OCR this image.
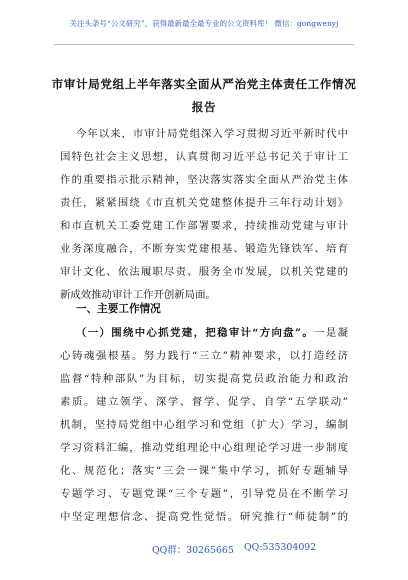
关注头条号“公文研究”，获得最新最全最专业的公文资料库！ 微信：gongwenyj
市审计局党组上半年落实全面从严治党主体责任工作情况
报告
今年以来，市审计局党组深入学习贯彻习近平新时代中
国特色社会主义思想，认真贯彻习近平总书记关于审计工
作的重要指示批示精神，坚决落实落实全面从严治党主体
责任，紧紧围绕《市直机关党建整体提升三年行动计划》
和市直机关工委党建工作部署要求，持续推动党建与审计
业务深度融合，不断夯实党建根基、锻造先锋铁军、培育
审计文化、依法履职尽责、服务全市发展，以机关党建的
新成效推动审计工作开创新局面。
一、主要工作情况
（一）围绕中心抓党建，把稳审计“方向盘”。一是凝
心铸魂强根基。努力践行“三立”精神要求，以打造经济
监督“特种部队”为目标，切实提高党员政治能力和政治
素质。建立领学、深学、督学、促学、自学“五学联动”
机制，坚持局党组中心组学习和党组（扩大）学习，编制
学习资料汇编，推动党组理论中心组理论学习进一步制度
化、规范化；落实“三会一课”集中学习，抓好专题辅导
专题学习、专题党课“三个专题”，引导党员在不断学习
中坚定理想信念、提高党性觉悟。研究推行“师徒制”的
QQ群：30265665 QQ:535304092
